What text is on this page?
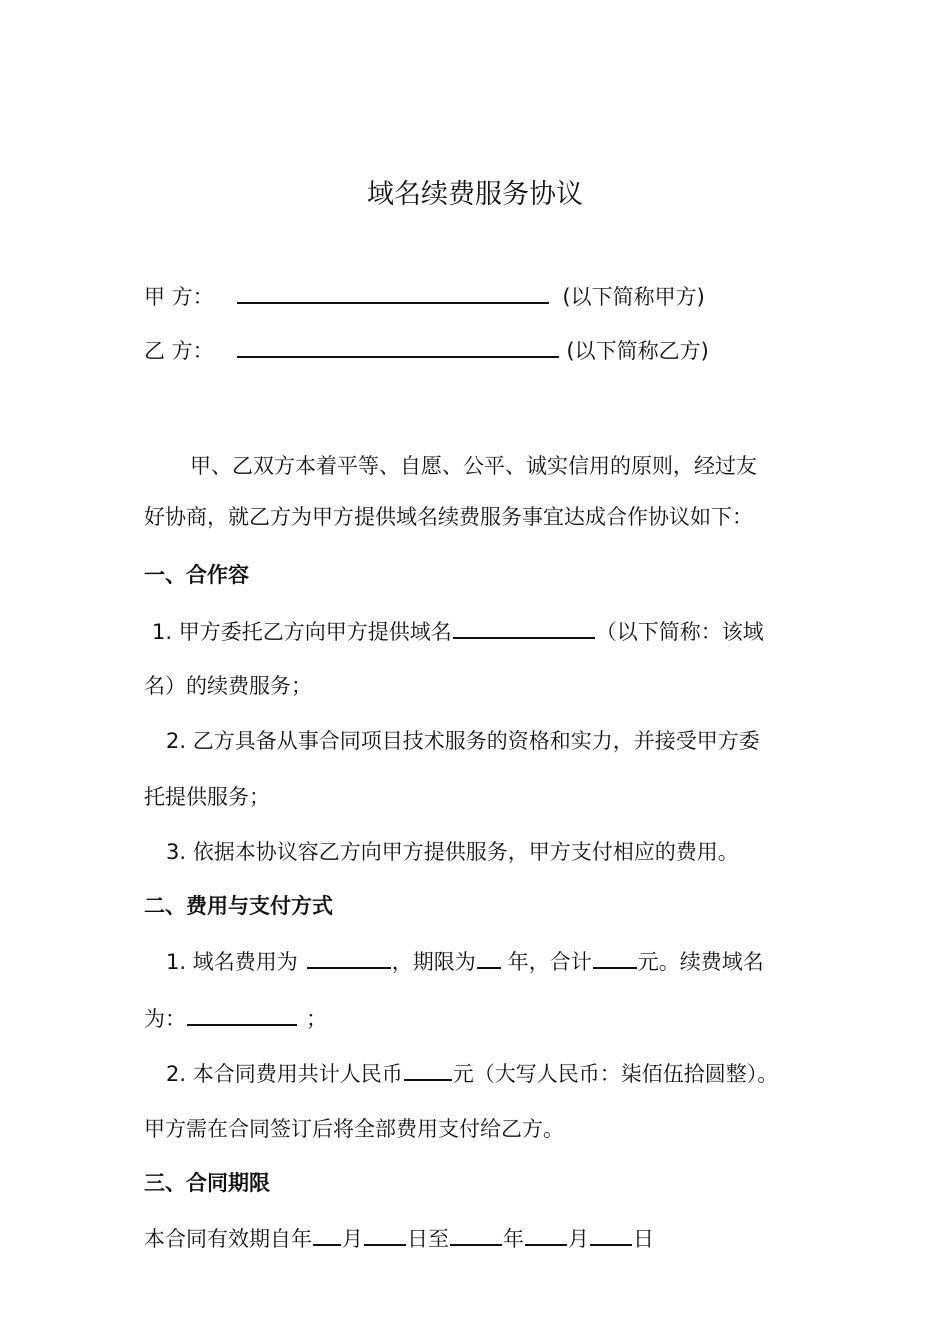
域名续费服务协议
甲 方：	(以下简称甲方)
乙 方：	(以下简称乙方)
甲、乙双方本着平等、自愿、公平、诚实信用的原则，经过友
好协商，就乙方为甲方提供域名续费服务事宜达成合作协议如下：
一、合作容
1. 甲方委托乙方向甲方提供域名	（以下简称：该域
名）的续费服务；
2. 乙方具备从事合同项目技术服务的资格和实力，并接受甲方委
托提供服务；
3. 依据本协议容乙方向甲方提供服务，甲方支付相应的费用。
二、费用与支付方式
1. 域名费用为	，期限为 年，合计 元。续费域名
为：	；
2. 本合同费用共计人民币 元（大写人民币：柒佰伍拾圆整）。
甲方需在合同签订后将全部费用支付给乙方。
三、合同期限
本合同有效期自年 月 日至	年 月 日
